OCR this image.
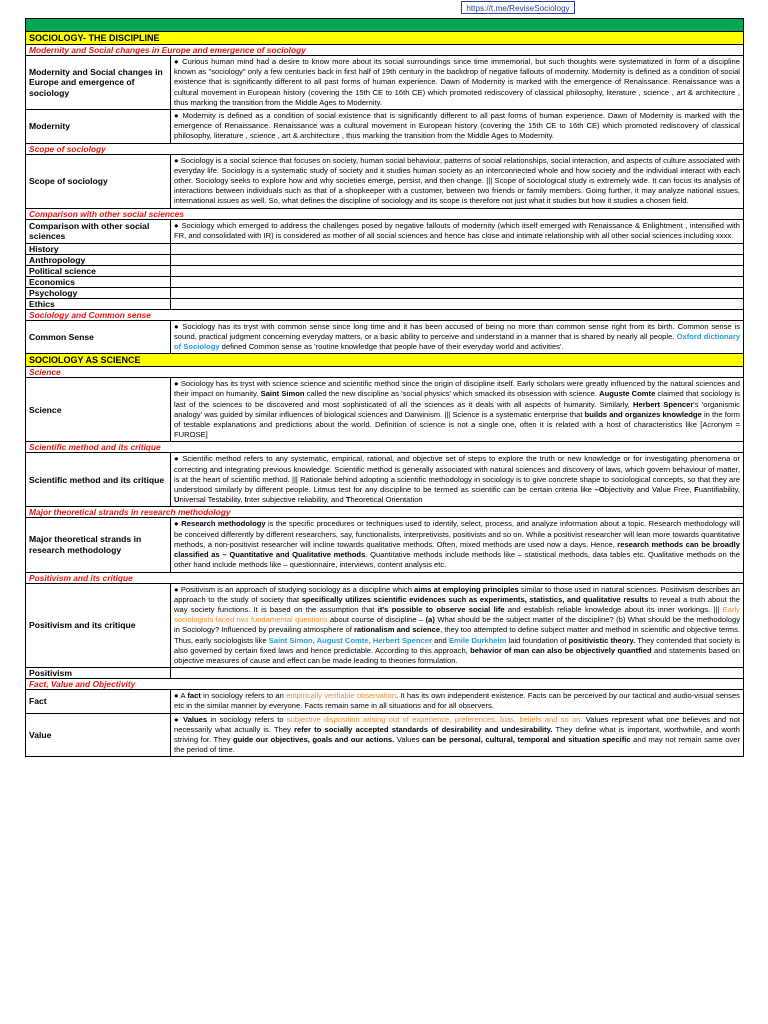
https://t.me/ReviseSociology

SOCIOLOGY- THE DISCIPLINE	
Modernity and Social changes in Europe and emergence of sociology	
Modernity and Social changes in Europe and emergence of sociology	● Curious human mind had a desire to know more about its social surroundings since time immemorial, but such thoughts were systematized in form of a discipline known as "sociology" only a few centuries back in first half of 19th century in the backdrop of negative fallouts of modernity. Modernity is defined as a condition of social existence that is significantly different to all past forms of human experience. Dawn of Modernity is marked with the emergence of Renaissance. Renaissance was a cultural movement in European history (covering the 15th CE to 16th CE) which promoted rediscovery of classical philosophy, literature , science , art & architecture , thus marking the transition from the Middle Ages to Modernity.
Modernity	● Modernity is defined as a condition of social existence that is significantly different to all past forms of human experience. Dawn of Modernity is marked with the emergence of Renaissance. Renaissance was a cultural movement in European history (covering the 15th CE to 16th CE) which promoted rediscovery of classical philosophy, literature , science , art & architecture , thus marking the transition from the Middle Ages to Modernity.
Scope of sociology	
Scope of sociology	● Sociology is a social science that focuses on society, human social behaviour, patterns of social relationships, social interaction, and aspects of culture associated with everyday life. Sociology is a systematic study of society and it studies human society as an interconnected whole and how society and the individual interact with each other. Sociology seeks to explore how and why societies emerge, persist, and then change. ||| Scope of sociological study is extremely wide. It can focus its analysis of interactions between individuals such as that of a shopkeeper with a customer, between two friends or family members. Going further, it may analyze national issues, international issues as well. So, what defines the discipline of sociology and its scope is therefore not just what it studies but how it studies a chosen field.
Comparison with other social sciences	
Comparison with other social sciences	● Sociology which emerged to address the challenges posed by negative fallouts of modernity (which itself emerged with Renaissance & Enlightment , intensified with FR, and consolidated with IR) is considered as mother of all social sciences and hence has close and intimate relationship with all other social sciences including xxxx.
History	
Anthropology	
Political science	
Economics	
Psychology	
Ethics	
Sociology and Common sense	
Common Sense	● Sociology has its tryst with common sense since long time and it has been accused of being no more than common sense right from its birth. Common sense is sound, practical judgment concerning everyday matters, or a basic ability to perceive and understand in a manner that is shared by nearly all people. Oxford dictionary of Sociology defined Common sense as 'routine knowledge that people have of their everyday world and activities'.
SOCIOLOGY AS SCIENCE	
Science	
Science	● Sociology has its tryst with science science and scientific method since the origin of discipline itself. Early scholars were greatly influenced by the natural sciences and their impact on humanity. Saint Simon called the new discipline as 'social physics' which smacked its obsession with science. Auguste Comte claimed that sociology is last of the sciences to be discovered and most sophisticated of all the sciences as it deals with all aspects of humanity. Similarly, Herbert Spencer's 'organismic analogy' was guided by similar influences of biological sciences and Darwinism. ||| Science is a systematic enterprise that builds and organizes knowledge in the form of testable explanations and predictions about the world. Definition of science is not a single one, often it is related with a host of characteristics like [Acronym = FUROSE]
Scientific method and its critique	
Scientific method and its critique	● Scientific method refers to any systematic, empirical, rational, and objective set of steps to explore the truth or new knowledge or for investigating phenomena or correcting and integrating previous knowledge. Scientific method is generally associated with natural sciences and discovery of laws, which govern behaviour of matter, is at the heart of scientific method. ||| Rationale behind adopting a scientific methodology in sociology is to give concrete shape to sociological concepts, so that they are understood similarly by different people. Litmus test for any discipline to be termed as scientific can be certain criteria like –Objectivity and Value Free, Fuantifiability, Universal Testability, Inter subjective reliability, and Theoretical Orientation
Major theoretical strands in research methodology	
Major theoretical strands in research methodology	● Research methodology is the specific procedures or techniques used to identify, select, process, and analyze information about a topic. Research methodology will be conceived differently by different researchers, say, functionalists, interpretivists, positivists and so on. While a positivist researcher will lean more towards quantitative methods, a non-positivist researcher will incline towards qualitative methods. Often, mixed methods are used now a days. Hence, research methods can be broadly classified as – Quantitative and Qualitative methods. Quantitative methods include methods like – statistical methods, data tables etc. Qualitative methods on the other hand include methods like – questionnaire, interviews, content analysis etc.
Positivism and its critique	
Positivism and its critique	● Positivism is an approach of studying sociology as a discipline which aims at employing principles similar to those used in natural sciences. Positivism describes an approach to the study of society that specifically utilizes scientific evidences such as experiments, statistics, and qualitative results to reveal a truth about the way society functions. It is based on the assumption that it's possible to observe social life and establish reliable knowledge about its inner workings. ||| Early sociologists faced two fundamental questions about course of discipline – (a) What should be the subject matter of the discipline? (b) What should be the methodology in Sociology? Influenced by prevailing atmosphere of rationalism and science, they too attempted to define subject matter and method in scientific and objective terms. Thus, early sociologists like Saint Simon, August Comte, Herbert Spencer and Emile Durkheim laid foundation of positivistic theory. They contended that society is also governed by certain fixed laws and hence predictable. According to this approach, behavior of man can also be objectively quantfied and statements based on objective measures of cause and effect can be made leading to theories formulation.
Positivism	
Fact, Value and Objectivity	
Fact	● A fact in sociology refers to an empirically verifiable observation. It has its own independent existence. Facts can be perceived by our tactical and audio-visual senses etc in the similar manner by everyone. Facts remain same in all situations and for all observers.
Value	● Values in sociology refers to subjective disposition arising out of experience, preferences, bias, beliefs and so on. Values represent what one believes and not necessarily what actually is. They refer to socially accepted standards of desirability and undesirability. They define what is important, worthwhile, and worth striving for. They guide our objectives, goals and our actions. Values can be personal, cultural, temporal and situation specific and may not remain same over the period of time.
